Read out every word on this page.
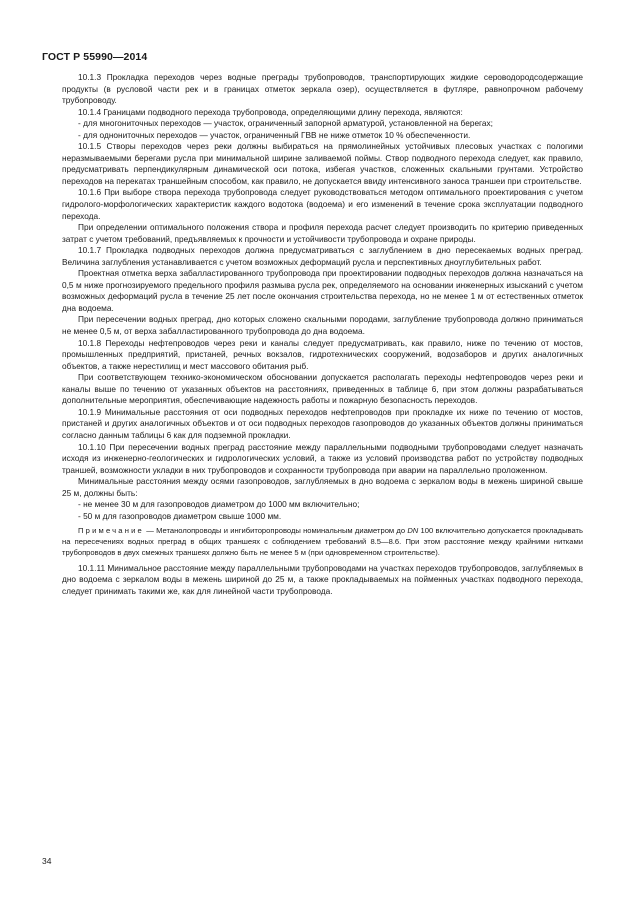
ГОСТ Р 55990—2014

10.1.3 Прокладка переходов через водные преграды трубопроводов, транспортирующих жидкие сероводородсодержащие продукты (в русловой части рек и в границах отметок зеркала озер), осуществляется в футляре, равнопрочном рабочему трубопроводу.

10.1.4 Границами подводного перехода трубопровода, определяющими длину перехода, являются:

- для многониточных переходов — участок, ограниченный запорной арматурой, установленной на берегах;

- для однониточных переходов — участок, ограниченный ГВВ не ниже отметок 10 % обеспеченности.

10.1.5 Створы переходов через реки должны выбираться на прямолинейных устойчивых плесовых участках с пологими неразмываемыми берегами русла при минимальной ширине заливаемой поймы. Створ подводного перехода следует, как правило, предусматривать перпендикулярным динамической оси потока, избегая участков, сложенных скальными грунтами. Устройство переходов на перекатах траншейным способом, как правило, не допускается ввиду интенсивного заноса траншеи при строительстве.

10.1.6 При выборе створа перехода трубопровода следует руководствоваться методом оптимального проектирования с учетом гидролого-морфологических характеристик каждого водотока (водоема) и его изменений в течение срока эксплуатации подводного перехода.

При определении оптимального положения створа и профиля перехода расчет следует производить по критерию приведенных затрат с учетом требований, предъявляемых к прочности и устойчивости трубопровода и охране природы.

10.1.7 Прокладка подводных переходов должна предусматриваться с заглублением в дно пересекаемых водных преград. Величина заглубления устанавливается с учетом возможных деформаций русла и перспективных дноуглубительных работ.

Проектная отметка верха забалластированного трубопровода при проектировании подводных переходов должна назначаться на 0,5 м ниже прогнозируемого предельного профиля размыва русла рек, определяемого на основании инженерных изысканий с учетом возможных деформаций русла в течение 25 лет после окончания строительства перехода, но не менее 1 м от естественных отметок дна водоема.

При пересечении водных преград, дно которых сложено скальными породами, заглубление трубопровода должно приниматься не менее 0,5 м, от верха забалластированного трубопровода до дна водоема.

10.1.8 Переходы нефтепроводов через реки и каналы следует предусматривать, как правило, ниже по течению от мостов, промышленных предприятий, пристаней, речных вокзалов, гидротехнических сооружений, водозаборов и других аналогичных объектов, а также нерестилищ и мест массового обитания рыб.

При соответствующем технико-экономическом обосновании допускается располагать переходы нефтепроводов через реки и каналы выше по течению от указанных объектов на расстояниях, приведенных в таблице 6, при этом должны разрабатываться дополнительные мероприятия, обеспечивающие надежность работы и пожарную безопасность переходов.

10.1.9 Минимальные расстояния от оси подводных переходов нефтепроводов при прокладке их ниже по течению от мостов, пристаней и других аналогичных объектов и от оси подводных переходов газопроводов до указанных объектов должны приниматься согласно данным таблицы 6 как для подземной прокладки.

10.1.10 При пересечении водных преград расстояние между параллельными подводными трубопроводами следует назначать исходя из инженерно-геологических и гидрологических условий, а также из условий производства работ по устройству подводных траншей, возможности укладки в них трубопроводов и сохранности трубопровода при аварии на параллельно проложенном.

Минимальные расстояния между осями газопроводов, заглубляемых в дно водоема с зеркалом воды в межень шириной свыше 25 м, должны быть:

- не менее 30 м для газопроводов диаметром до 1000 мм включительно;

- 50 м для газопроводов диаметром свыше 1000 мм.

Примечание — Метанолопроводы и ингибиторопроводы номинальным диаметром до DN 100 включительно допускается прокладывать на пересечениях водных преград в общих траншеях с соблюдением требований 8.5—8.6. При этом расстояние между крайними нитками трубопроводов в двух смежных траншеях должно быть не менее 5 м (при одновременном строительстве).

10.1.11 Минимальное расстояние между параллельными трубопроводами на участках переходов трубопроводов, заглубляемых в дно водоема с зеркалом воды в межень шириной до 25 м, а также прокладываемых на пойменных участках подводного перехода, следует принимать такими же, как для линейной части трубопровода.

34
